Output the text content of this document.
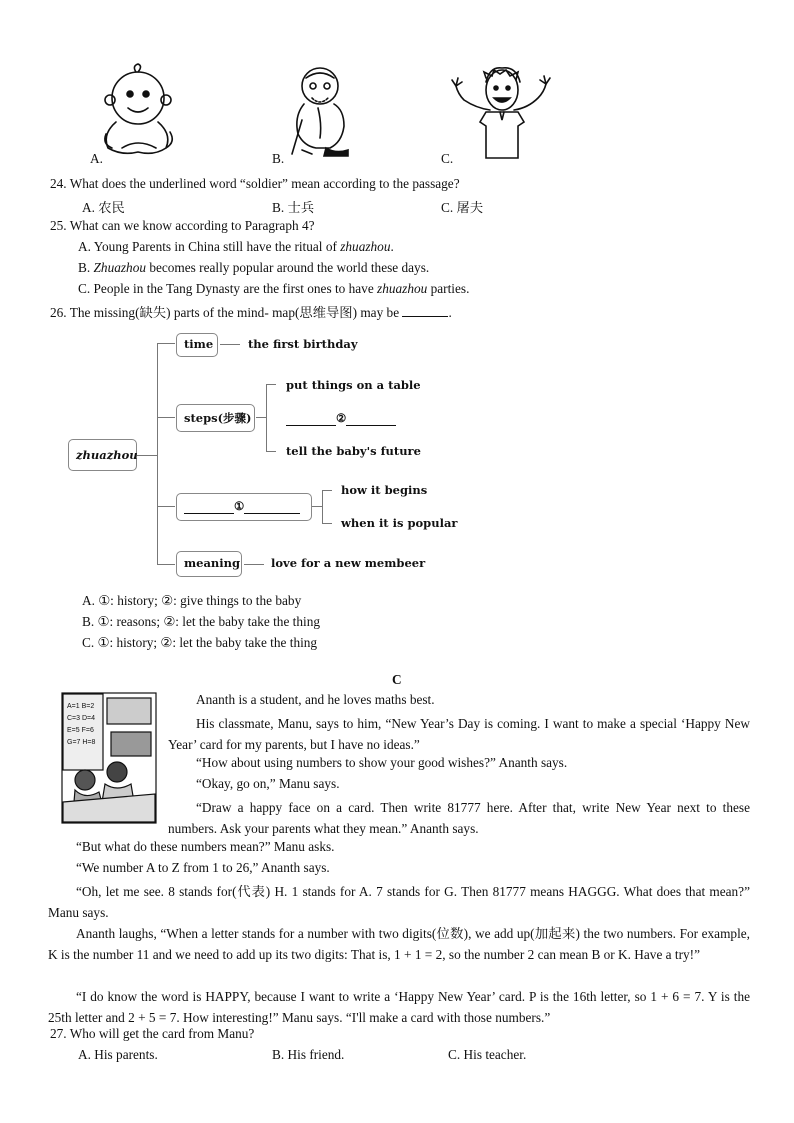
A.	B.	C.
24. What does the underlined word “soldier” mean according to the passage?
A. 农民	B. 士兵	C. 屠夫
25. What can we know according to Paragraph 4?
A. Young Parents in China still have the ritual of zhuazhou.
B. Zhuazhou becomes really popular around the world these days.
C. People in the Tang Dynasty are the first ones to have zhuazhou parties.
26. The missing(缺失) parts of the mind- map(思维导图) may be	.
zhuazhou
time	the first birthday
steps(步骤)
put things on a table
②
tell the baby's future
①
how it begins
when it is popular
meaning	love for a new membeer
A. ①: history; ②: give things to the baby
B. ①: reasons; ②: let the baby take the thing
C. ①: history; ②: let the baby take the thing
C
A=1 B=2
C=3 D=4
E=5 F=6
G=7 H=8
Ananth is a student, and he loves maths best.
His classmate, Manu, says to him, “New Year’s Day is coming. I want to make a special ‘Happy New Year’ card for my parents, but I have no ideas.”
“How about using numbers to show your good wishes?” Ananth says.
“Okay, go on,” Manu says.
“Draw a happy face on a card. Then write 81777 here. After that, write New Year next to these numbers. Ask your parents what they mean.” Ananth says.
“But what do these numbers mean?” Manu asks.
“We number A to Z from 1 to 26,” Ananth says.
“Oh, let me see. 8 stands for(代表) H. 1 stands for A. 7 stands for G. Then 81777 means HAGGG. What does that mean?” Manu says.
Ananth laughs, “When a letter stands for a number with two digits(位数), we add up(加起来) the two numbers. For example, K is the number 11 and we need to add up its two digits: That is, 1 + 1 = 2, so the number 2 can mean B or K. Have a try!”
“I do know the word is HAPPY, because I want to write a ‘Happy New Year’ card. P is the 16th letter, so 1 + 6 = 7. Y is the 25th letter and 2 + 5 = 7. How interesting!” Manu says. “I'll make a card with those numbers.”
27. Who will get the card from Manu?
A. His parents.	B. His friend.	C. His teacher.
